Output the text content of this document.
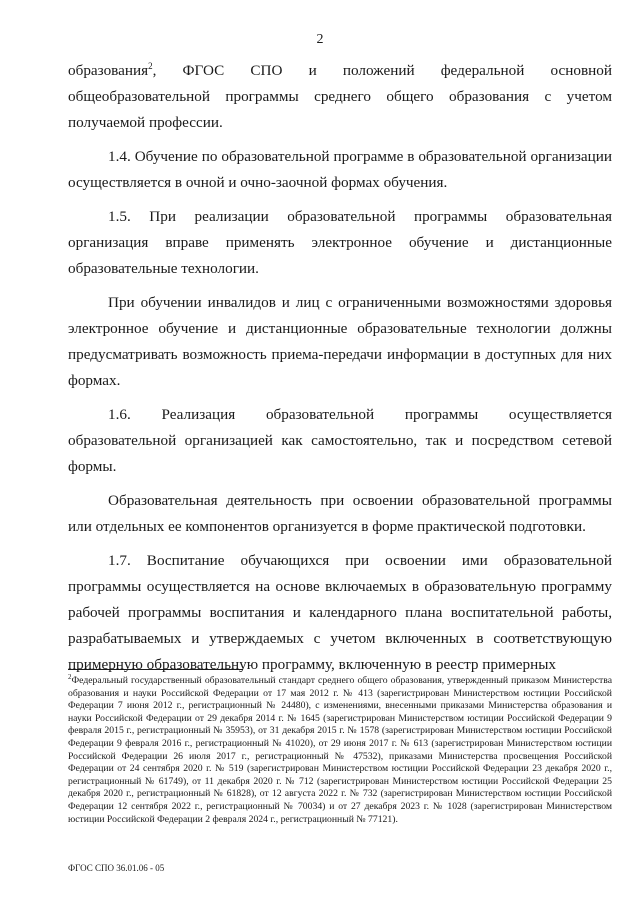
2

образования$^2$, ФГОС СПО и положений федеральной основной общеобразовательной программы среднего общего образования с учетом получаемой профессии.

1.4. Обучение по образовательной программе в образовательной организации осуществляется в очной и очно-заочной формах обучения.

1.5. При реализации образовательной программы образовательная организация вправе применять электронное обучение и дистанционные образовательные технологии.

При обучении инвалидов и лиц с ограниченными возможностями здоровья электронное обучение и дистанционные образовательные технологии должны предусматривать возможность приема-передачи информации в доступных для них формах.

1.6. Реализация образовательной программы осуществляется образовательной организацией как самостоятельно, так и посредством сетевой формы.

Образовательная деятельность при освоении образовательной программы или отдельных ее компонентов организуется в форме практической подготовки.

1.7. Воспитание обучающихся при освоении ими образовательной программы осуществляется на основе включаемых в образовательную программу рабочей программы воспитания и календарного плана воспитательной работы, разрабатываемых и утверждаемых с учетом включенных в соответствующую примерную образовательную программу, включенную в реестр примерных

$^2$Федеральный государственный образовательный стандарт среднего общего образования, утвержденный приказом Министерства образования и науки Российской Федерации от 17 мая 2012 г. № 413 (зарегистрирован Министерством юстиции Российской Федерации 7 июня 2012 г., регистрационный № 24480), с изменениями, внесенными приказами Министерства образования и науки Российской Федерации от 29 декабря 2014 г. № 1645 (зарегистрирован Министерством юстиции Российской Федерации 9 февраля 2015 г., регистрационный № 35953), от 31 декабря 2015 г. № 1578 (зарегистрирован Министерством юстиции Российской Федерации 9 февраля 2016 г., регистрационный № 41020), от 29 июня 2017 г. № 613 (зарегистрирован Министерством юстиции Российской Федерации 26 июля 2017 г., регистрационный № 47532), приказами Министерства просвещения Российской Федерации от 24 сентября 2020 г. № 519 (зарегистрирован Министерством юстиции Российской Федерации 23 декабря 2020 г., регистрационный № 61749), от 11 декабря 2020 г. № 712 (зарегистрирован Министерством юстиции Российской Федерации 25 декабря 2020 г., регистрационный № 61828), от 12 августа 2022 г. № 732 (зарегистрирован Министерством юстиции Российской Федерации 12 сентября 2022 г., регистрационный № 70034) и от 27 декабря 2023 г. № 1028 (зарегистрирован Министерством юстиции Российской Федерации 2 февраля 2024 г., регистрационный № 77121).
ФГОС СПО 36.01.06 - 05
